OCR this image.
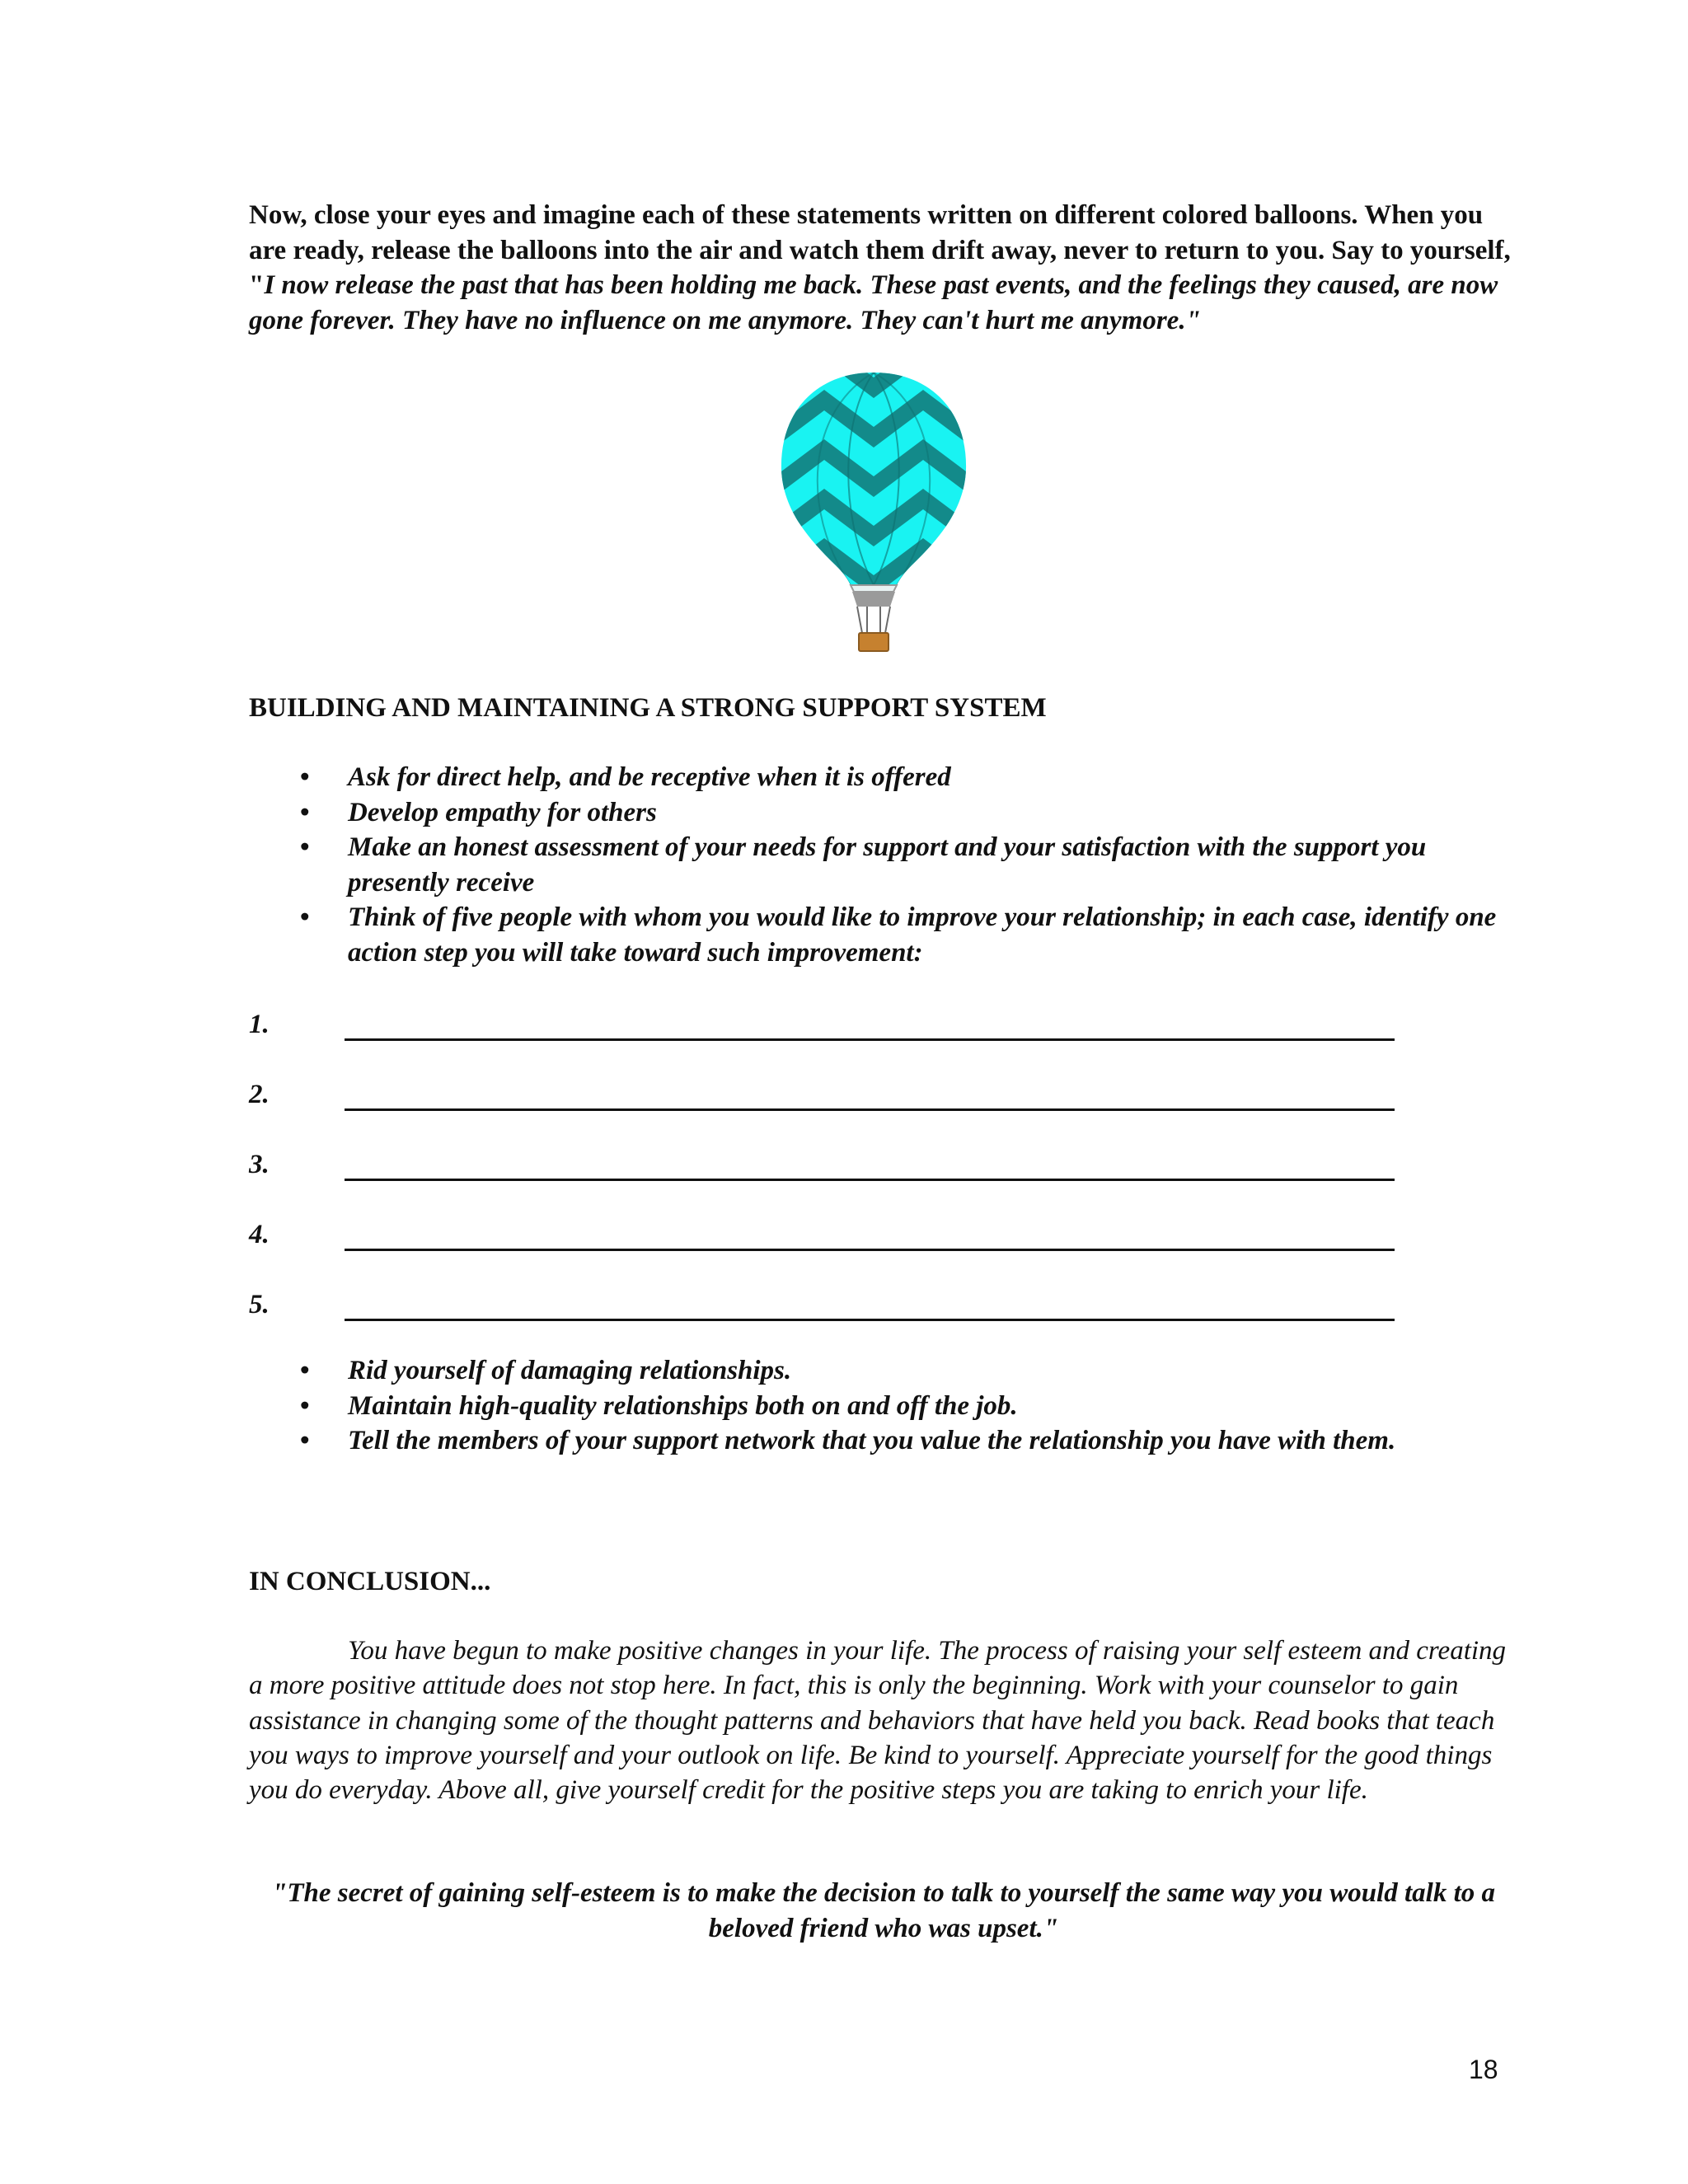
Now, close your eyes and imagine each of these statements written on different colored balloons. When you are ready, release the balloons into the air and watch them drift away, never to return to you. Say to yourself, "I now release the past that has been holding me back. These past events, and the feelings they caused, are now gone forever. They have no influence on me anymore. They can't hurt me anymore."

BUILDING AND MAINTAINING A STRONG SUPPORT SYSTEM
• Ask for direct help, and be receptive when it is offered
• Develop empathy for others
• Make an honest assessment of your needs for support and your satisfaction with the support you presently receive
• Think of five people with whom you would like to improve your relationship; in each case, identify one action step you will take toward such improvement:
1.
2.
3.
4.
5.
• Rid yourself of damaging relationships.
• Maintain high-quality relationships both on and off the job.
• Tell the members of your support network that you value the relationship you have with them.
IN CONCLUSION...

You have begun to make positive changes in your life. The process of raising your self esteem and creating a more positive attitude does not stop here. In fact, this is only the beginning. Work with your counselor to gain assistance in changing some of the thought patterns and behaviors that have held you back. Read books that teach you ways to improve yourself and your outlook on life. Be kind to yourself. Appreciate yourself for the good things you do everyday. Above all, give yourself credit for the positive steps you are taking to enrich your life.

"The secret of gaining self-esteem is to make the decision to talk to yourself the same way you would talk to a beloved friend who was upset."

18
